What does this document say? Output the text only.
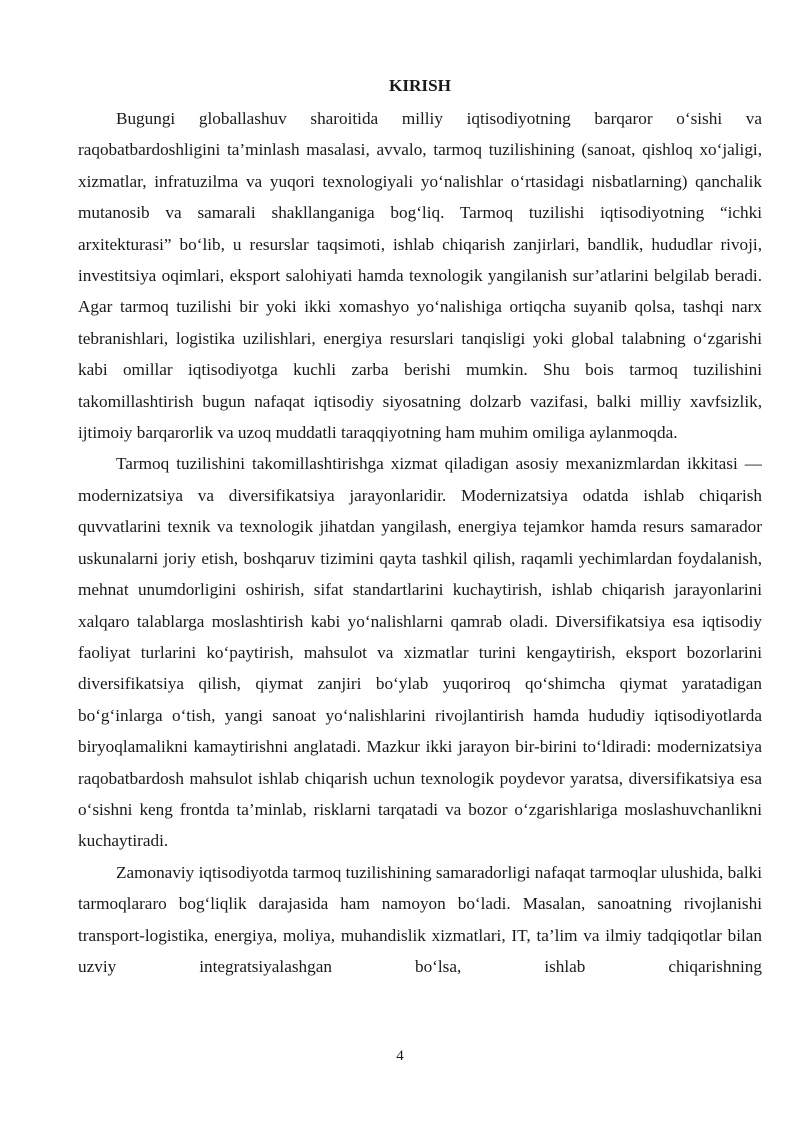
KIRISH

Bugungi globallashuv sharoitida milliy iqtisodiyotning barqaror o‘sishi va raqobatbardoshligini ta’minlash masalasi, avvalo, tarmoq tuzilishining (sanoat, qishloq xo‘jaligi, xizmatlar, infratuzilma va yuqori texnologiyali yo‘nalishlar o‘rtasidagi nisbatlarning) qanchalik mutanosib va samarali shakllanganiga bog‘liq. Tarmoq tuzilishi iqtisodiyotning “ichki arxitekturasi” bo‘lib, u resurslar taqsimoti, ishlab chiqarish zanjirlari, bandlik, hududlar rivoji, investitsiya oqimlari, eksport salohiyati hamda texnologik yangilanish sur’atlarini belgilab beradi. Agar tarmoq tuzilishi bir yoki ikki xomashyo yo‘nalishiga ortiqcha suyanib qolsa, tashqi narx tebranishlari, logistika uzilishlari, energiya resurslari tanqisligi yoki global talabning o‘zgarishi kabi omillar iqtisodiyotga kuchli zarba berishi mumkin. Shu bois tarmoq tuzilishini takomillashtirish bugun nafaqat iqtisodiy siyosatning dolzarb vazifasi, balki milliy xavfsizlik, ijtimoiy barqarorlik va uzoq muddatli taraqqiyotning ham muhim omiliga aylanmoqda.

Tarmoq tuzilishini takomillashtirishga xizmat qiladigan asosiy mexanizmlardan ikkitasi — modernizatsiya va diversifikatsiya jarayonlaridir. Modernizatsiya odatda ishlab chiqarish quvvatlarini texnik va texnologik jihatdan yangilash, energiya tejamkor hamda resurs samarador uskunalarni joriy etish, boshqaruv tizimini qayta tashkil qilish, raqamli yechimlardan foydalanish, mehnat unumdorligini oshirish, sifat standartlarini kuchaytirish, ishlab chiqarish jarayonlarini xalqaro talablarga moslashtirish kabi yo‘nalishlarni qamrab oladi. Diversifikatsiya esa iqtisodiy faoliyat turlarini ko‘paytirish, mahsulot va xizmatlar turini kengaytirish, eksport bozorlarini diversifikatsiya qilish, qiymat zanjiri bo‘ylab yuqoriroq qo‘shimcha qiymat yaratadigan bo‘g‘inlarga o‘tish, yangi sanoat yo‘nalishlarini rivojlantirish hamda hududiy iqtisodiyotlarda biryoqlamalikni kamaytirishni anglatadi. Mazkur ikki jarayon bir-birini to‘ldiradi: modernizatsiya raqobatbardosh mahsulot ishlab chiqarish uchun texnologik poydevor yaratsa, diversifikatsiya esa o‘sishni keng frontda ta’minlab, risklarni tarqatadi va bozor o‘zgarishlariga moslashuvchanlikni kuchaytiradi.

Zamonaviy iqtisodiyotda tarmoq tuzilishining samaradorligi nafaqat tarmoqlar ulushida, balki tarmoqlararo bog‘liqlik darajasida ham namoyon bo‘ladi. Masalan, sanoatning rivojlanishi transport-logistika, energiya, moliya, muhandislik xizmatlari, IT, ta’lim va ilmiy tadqiqotlar bilan uzviy integratsiyalashgan bo‘lsa, ishlab chiqarishning

4
